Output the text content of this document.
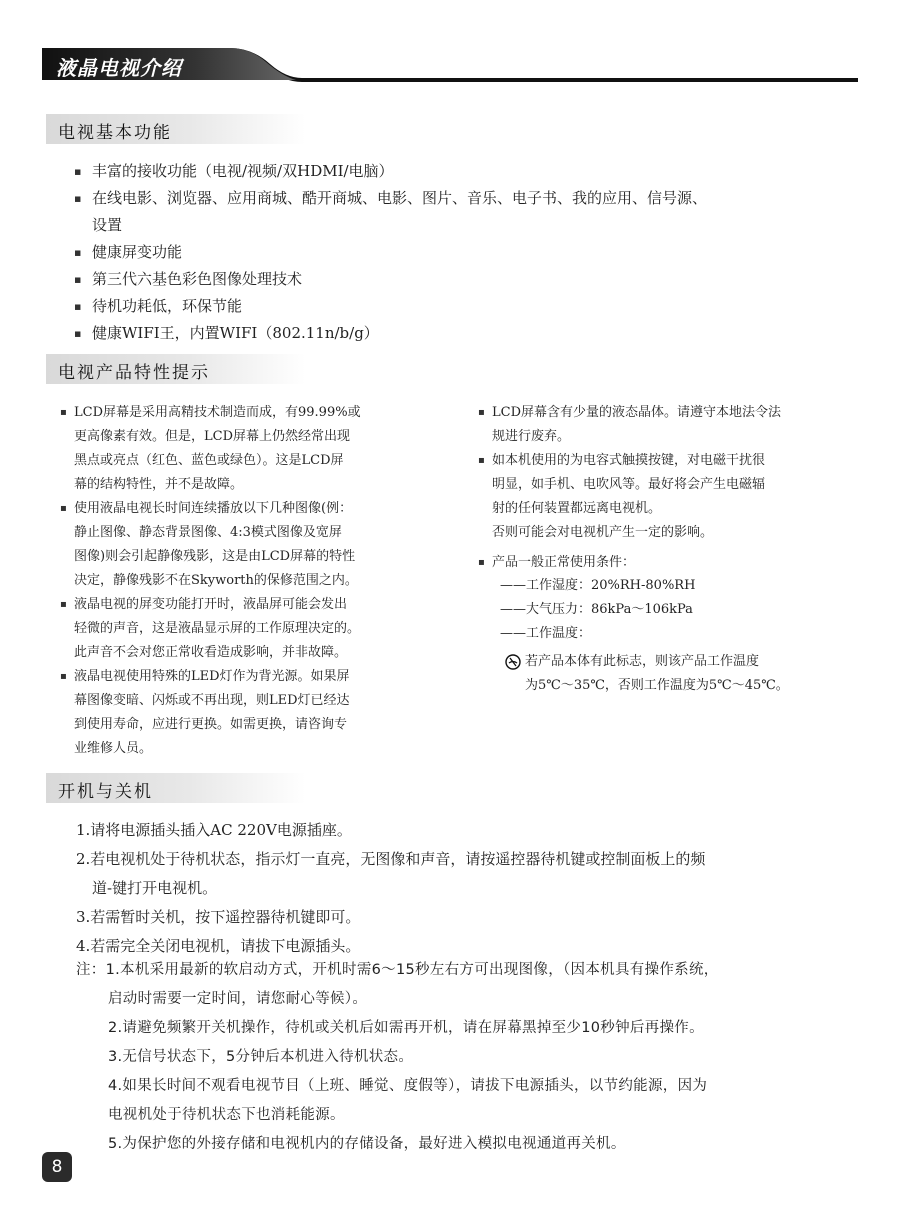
液晶电视介绍
电视基本功能
▪ 丰富的接收功能（电视/视频/双HDMI/电脑）
▪ 在线电影、浏览器、应用商城、酷开商城、电影、图片、音乐、电子书、我的应用、信号源、
设置
▪ 健康屏变功能
▪ 第三代六基色彩色图像处理技术
▪ 待机功耗低，环保节能
▪ 健康WIFI王，内置WIFI（802.11n/b/g）
电视产品特性提示
▪ LCD屏幕是采用高精技术制造而成，有99.99%或
更高像素有效。但是，LCD屏幕上仍然经常出现
黑点或亮点（红色、蓝色或绿色）。这是LCD屏
幕的结构特性，并不是故障。
▪ 使用液晶电视长时间连续播放以下几种图像(例：
静止图像、静态背景图像、4:3模式图像及宽屏
图像)则会引起静像残影，这是由LCD屏幕的特性
决定，静像残影不在Skyworth的保修范围之内。
▪ 液晶电视的屏变功能打开时，液晶屏可能会发出
轻微的声音，这是液晶显示屏的工作原理决定的。
此声音不会对您正常收看造成影响，并非故障。
▪ 液晶电视使用特殊的LED灯作为背光源。如果屏
幕图像变暗、闪烁或不再出现，则LED灯已经达
到使用寿命，应进行更换。如需更换，请咨询专
业维修人员。
▪ LCD屏幕含有少量的液态晶体。请遵守本地法令法
规进行废弃。
▪ 如本机使用的为电容式触摸按键，对电磁干扰很
明显，如手机、电吹风等。最好将会产生电磁辐
射的任何装置都远离电视机。
否则可能会对电视机产生一定的影响。
▪ 产品一般正常使用条件：
——工作湿度：20%RH-80%RH
——大气压力：86kPa～106kPa
——工作温度：
若产品本体有此标志，则该产品工作温度
为5℃～35℃，否则工作温度为5℃～45℃。
开机与关机
1.请将电源插头插入AC 220V电源插座。
2.若电视机处于待机状态，指示灯一直亮，无图像和声音，请按遥控器待机键或控制面板上的频
道-键打开电视机。
3.若需暂时关机，按下遥控器待机键即可。
4.若需完全关闭电视机，请拔下电源插头。
注：1.本机采用最新的软启动方式，开机时需6～15秒左右方可出现图像，（因本机具有操作系统，
启动时需要一定时间，请您耐心等候）。
2.请避免频繁开关机操作，待机或关机后如需再开机，请在屏幕黑掉至少10秒钟后再操作。
3.无信号状态下，5分钟后本机进入待机状态。
4.如果长时间不观看电视节目（上班、睡觉、度假等），请拔下电源插头，以节约能源，因为
电视机处于待机状态下也消耗能源。
5.为保护您的外接存储和电视机内的存储设备，最好进入模拟电视通道再关机。
8
